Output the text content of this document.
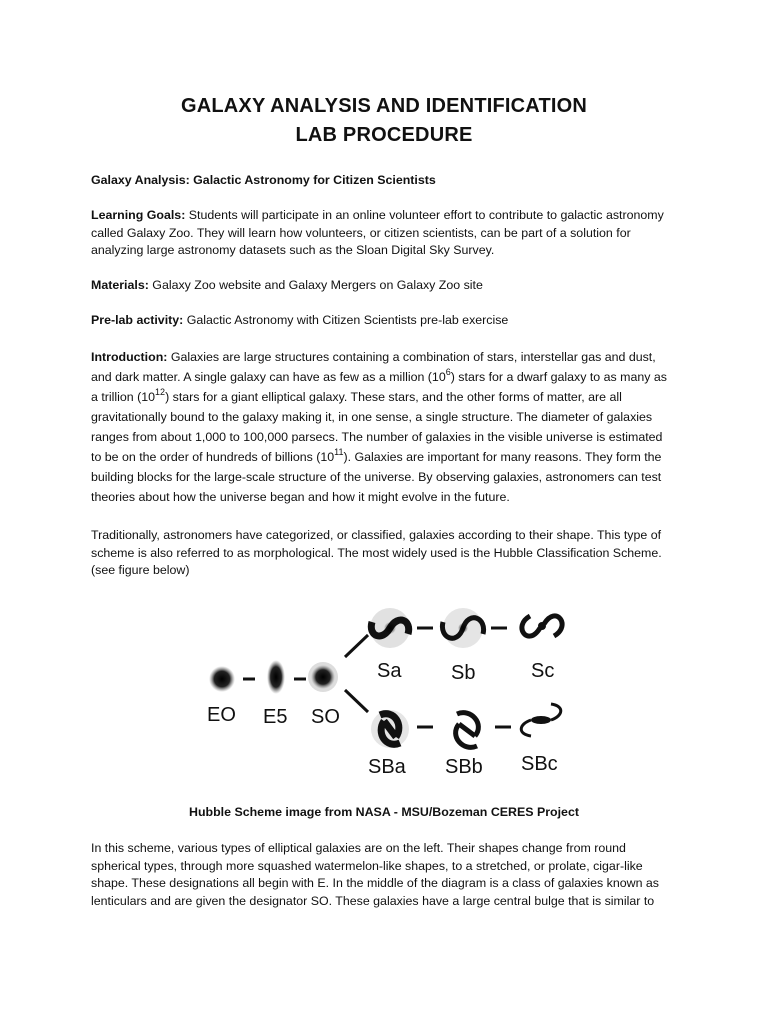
GALAXY ANALYSIS AND IDENTIFICATION
LAB PROCEDURE
Galaxy Analysis: Galactic Astronomy for Citizen Scientists
Learning Goals: Students will participate in an online volunteer effort to contribute to galactic astronomy called Galaxy Zoo. They will learn how volunteers, or citizen scientists, can be part of a solution for analyzing large astronomy datasets such as the Sloan Digital Sky Survey.
Materials: Galaxy Zoo website and Galaxy Mergers on Galaxy Zoo site
Pre-lab activity: Galactic Astronomy with Citizen Scientists pre-lab exercise
Introduction: Galaxies are large structures containing a combination of stars, interstellar gas and dust, and dark matter. A single galaxy can have as few as a million $(10^6)$ stars for a dwarf galaxy to as many as a trillion $(10^{12})$ stars for a giant elliptical galaxy. These stars, and the other forms of matter, are all gravitationally bound to the galaxy making it, in one sense, a single structure. The diameter of galaxies ranges from about 1,000 to 100,000 parsecs. The number of galaxies in the visible universe is estimated to be on the order of hundreds of billions $(10^{11})$. Galaxies are important for many reasons. They form the building blocks for the large-scale structure of the universe. By observing galaxies, astronomers can test theories about how the universe began and how it might evolve in the future.
Traditionally, astronomers have categorized, or classified, galaxies according to their shape. This type of scheme is also referred to as morphological. The most widely used is the Hubble Classification Scheme. (see figure below)
EO E5 SO
Sa Sb	Sc
SBa SBb SBc
Hubble Scheme image from NASA - MSU/Bozeman CERES Project
In this scheme, various types of elliptical galaxies are on the left. Their shapes change from round spherical types, through more squashed watermelon-like shapes, to a stretched, or prolate, cigar-like shape. These designations all begin with E. In the middle of the diagram is a class of galaxies known as lenticulars and are given the designator SO. These galaxies have a large central bulge that is similar to
